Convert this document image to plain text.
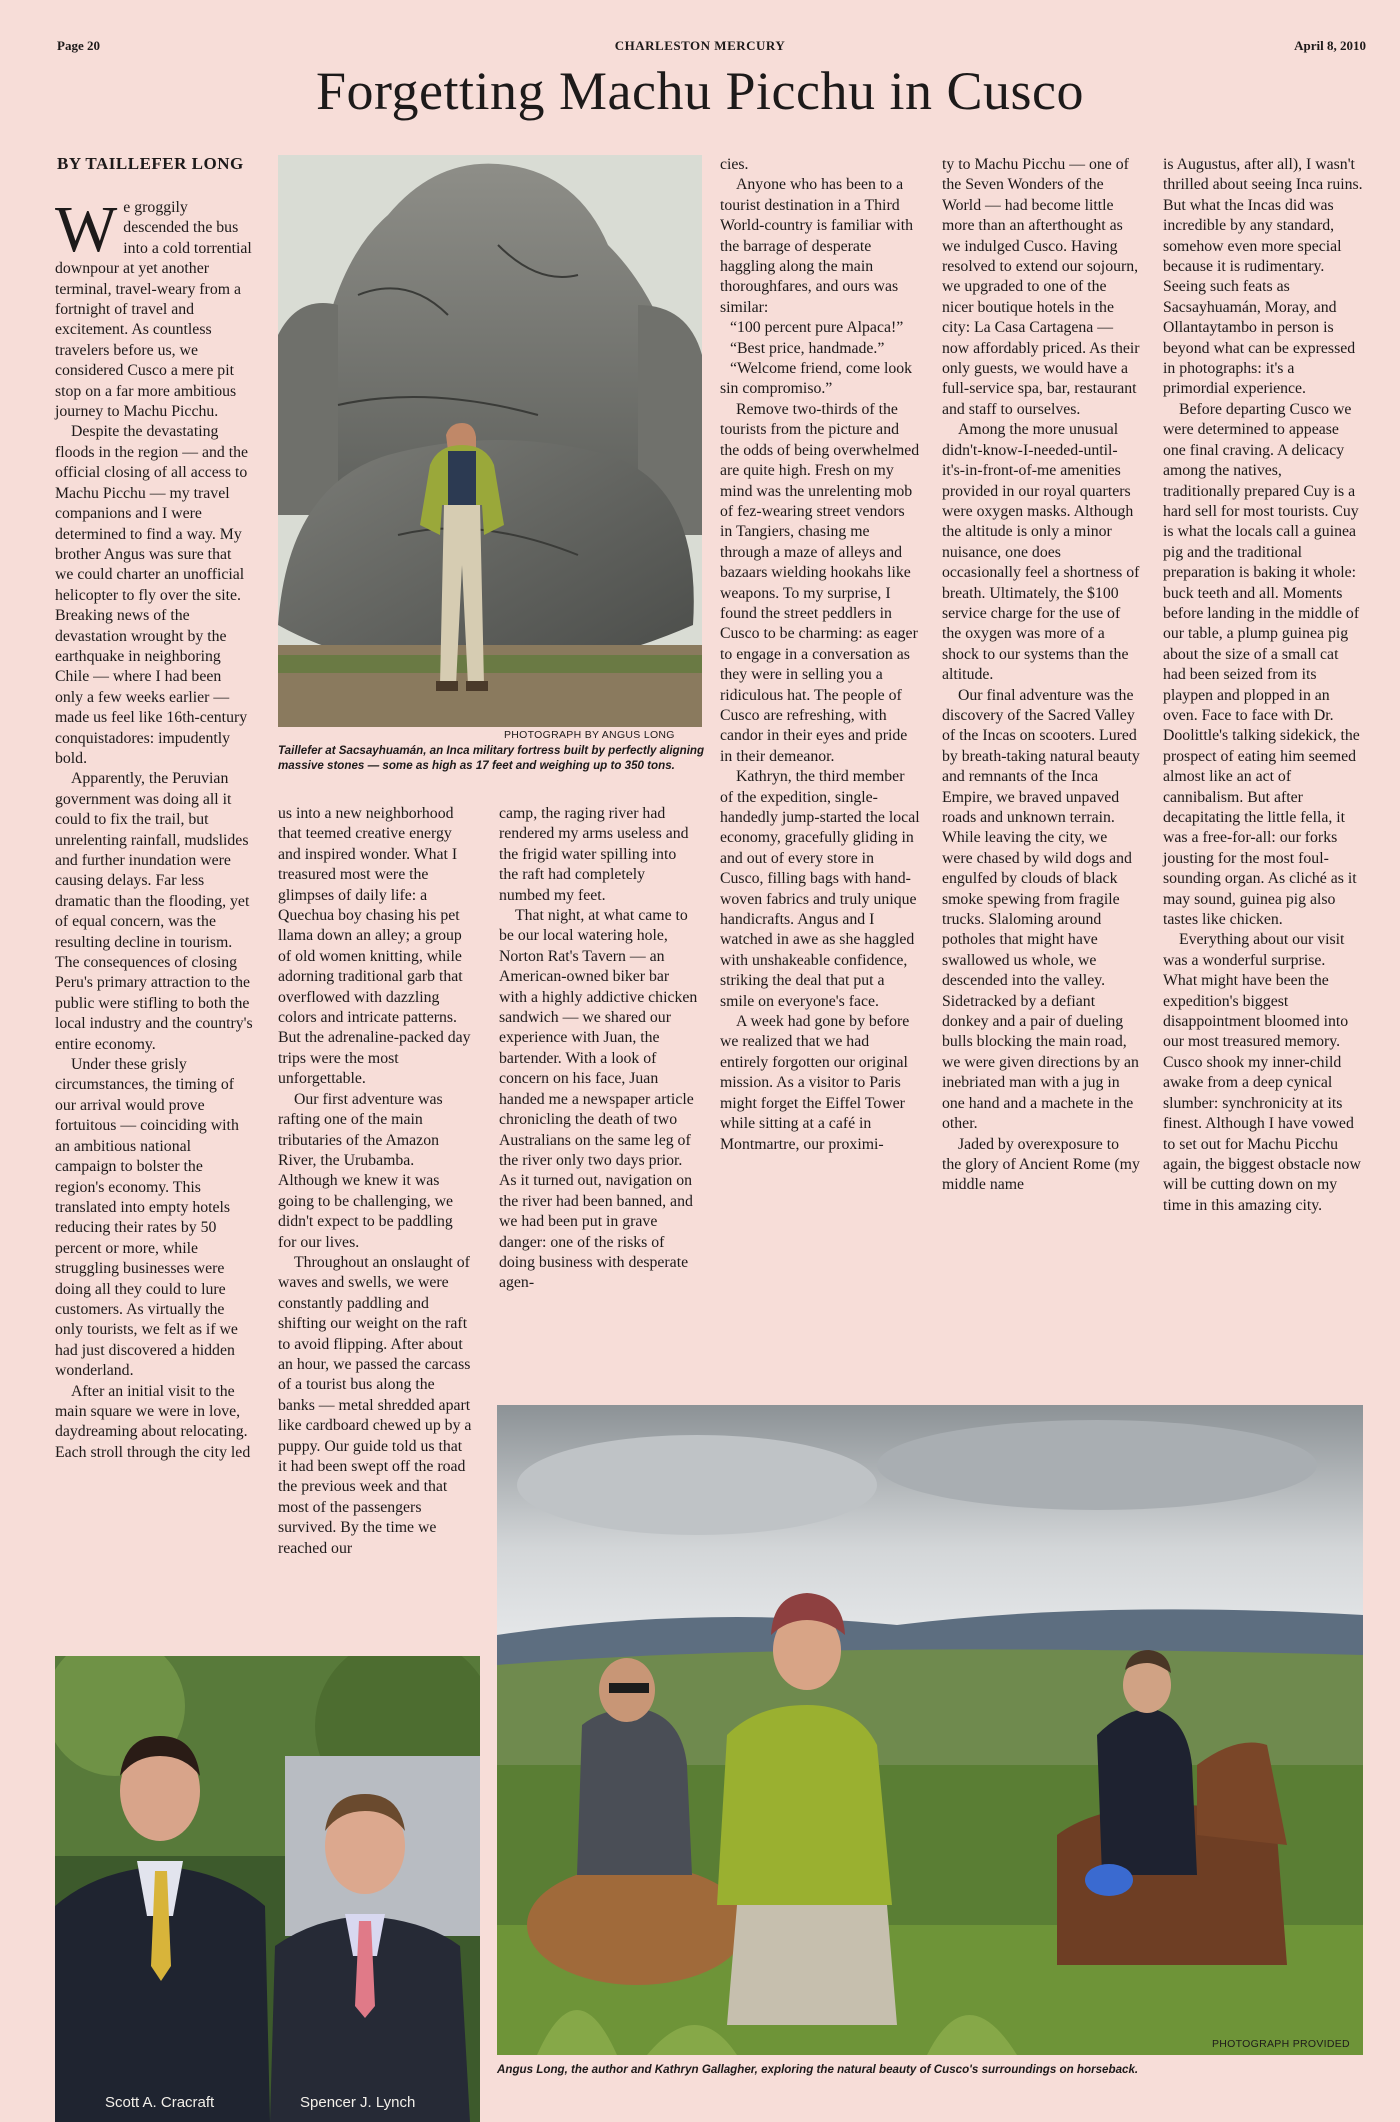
Page 20	CHARLESTON MERCURY	April 8, 2010
Forgetting Machu Picchu in Cusco
BY TAILLEFER LONG
W e groggily descended the bus into a cold torrential downpour at yet another terminal, travel-weary from a fortnight of travel and excitement. As countless travelers before us, we considered Cusco a mere pit stop on a far more ambitious journey to Machu Picchu.

Despite the devastating floods in the region — and the official closing of all access to Machu Picchu — my travel companions and I were determined to find a way. My brother Angus was sure that we could charter an unofficial helicopter to fly over the site. Breaking news of the devastation wrought by the earthquake in neighboring Chile — where I had been only a few weeks earlier — made us feel like 16th-century conquistadores: impudently bold.

Apparently, the Peruvian government was doing all it could to fix the trail, but unrelenting rainfall, mudslides and further inundation were causing delays. Far less dramatic than the flooding, yet of equal concern, was the resulting decline in tourism. The consequences of closing Peru's primary attraction to the public were stifling to both the local industry and the country's entire economy.

Under these grisly circumstances, the timing of our arrival would prove fortuitous — coinciding with an ambitious national campaign to bolster the region's economy. This translated into empty hotels reducing their rates by 50 percent or more, while struggling businesses were doing all they could to lure customers. As virtually the only tourists, we felt as if we had just discovered a hidden wonderland.

After an initial visit to the main square we were in love, daydreaming about relocating. Each stroll through the city led

PHOTOGRAPH BY ANGUS LONG
Taillefer at Sacsayhuamán, an Inca military fortress built by perfectly aligning massive stones — some as high as 17 feet and weighing up to 350 tons.

us into a new neighborhood that teemed creative energy and inspired wonder. What I treasured most were the glimpses of daily life: a Quechua boy chasing his pet llama down an alley; a group of old women knitting, while adorning traditional garb that overflowed with dazzling colors and intricate patterns. But the adrenaline-packed day trips were the most unforgettable.

Our first adventure was rafting one of the main tributaries of the Amazon River, the Urubamba. Although we knew it was going to be challenging, we didn't expect to be paddling for our lives.

Throughout an onslaught of waves and swells, we were constantly paddling and shifting our weight on the raft to avoid flipping. After about an hour, we passed the carcass of a tourist bus along the banks — metal shredded apart like cardboard chewed up by a puppy. Our guide told us that it had been swept off the road the previous week and that most of the passengers survived. By the time we reached our

camp, the raging river had rendered my arms useless and the frigid water spilling into the raft had completely numbed my feet.

That night, at what came to be our local watering hole, Norton Rat's Tavern — an American-owned biker bar with a highly addictive chicken sandwich — we shared our experience with Juan, the bartender. With a look of concern on his face, Juan handed me a newspaper article chronicling the death of two Australians on the same leg of the river only two days prior. As it turned out, navigation on the river had been banned, and we had been put in grave danger: one of the risks of doing business with desperate agen-

cies.

Anyone who has been to a tourist destination in a Third World-country is familiar with the barrage of desperate haggling along the main thoroughfares, and ours was similar:

“100 percent pure Alpaca!”

“Best price, handmade.”

“Welcome friend, come look sin compromiso.”

Remove two-thirds of the tourists from the picture and the odds of being overwhelmed are quite high. Fresh on my mind was the unrelenting mob of fez-wearing street vendors in Tangiers, chasing me through a maze of alleys and bazaars wielding hookahs like weapons. To my surprise, I found the street peddlers in Cusco to be charming: as eager to engage in a conversation as they were in selling you a ridiculous hat. The people of Cusco are refreshing, with candor in their eyes and pride in their demeanor.

Kathryn, the third member of the expedition, single-handedly jump-started the local economy, gracefully gliding in and out of every store in Cusco, filling bags with hand-woven fabrics and truly unique handicrafts. Angus and I watched in awe as she haggled with unshakeable confidence, striking the deal that put a smile on everyone's face.

A week had gone by before we realized that we had entirely forgotten our original mission. As a visitor to Paris might forget the Eiffel Tower while sitting at a café in Montmartre, our proximi-

ty to Machu Picchu — one of the Seven Wonders of the World — had become little more than an afterthought as we indulged Cusco. Having resolved to extend our sojourn, we upgraded to one of the nicer boutique hotels in the city: La Casa Cartagena — now affordably priced. As their only guests, we would have a full-service spa, bar, restaurant and staff to ourselves.

Among the more unusual didn't-know-I-needed-until-it's-in-front-of-me amenities provided in our royal quarters were oxygen masks. Although the altitude is only a minor nuisance, one does occasionally feel a shortness of breath. Ultimately, the $100 service charge for the use of the oxygen was more of a shock to our systems than the altitude.

Our final adventure was the discovery of the Sacred Valley of the Incas on scooters. Lured by breath-taking natural beauty and remnants of the Inca Empire, we braved unpaved roads and unknown terrain. While leaving the city, we were chased by wild dogs and engulfed by clouds of black smoke spewing from fragile trucks. Slaloming around potholes that might have swallowed us whole, we descended into the valley. Sidetracked by a defiant donkey and a pair of dueling bulls blocking the main road, we were given directions by an inebriated man with a jug in one hand and a machete in the other.

Jaded by overexposure to the glory of Ancient Rome (my middle name

is Augustus, after all), I wasn't thrilled about seeing Inca ruins. But what the Incas did was incredible by any standard, somehow even more special because it is rudimentary. Seeing such feats as Sacsayhuamán, Moray, and Ollantaytambo in person is beyond what can be expressed in photographs: it's a primordial experience.

Before departing Cusco we were determined to appease one final craving. A delicacy among the natives, traditionally prepared Cuy is a hard sell for most tourists. Cuy is what the locals call a guinea pig and the traditional preparation is baking it whole: buck teeth and all. Moments before landing in the middle of our table, a plump guinea pig about the size of a small cat had been seized from its playpen and plopped in an oven. Face to face with Dr. Doolittle's talking sidekick, the prospect of eating him seemed almost like an act of cannibalism. But after decapitating the little fella, it was a free-for-all: our forks jousting for the most foul-sounding organ. As cliché as it may sound, guinea pig also tastes like chicken.

Everything about our visit was a wonderful surprise. What might have been the expedition's biggest disappointment bloomed into our most treasured memory. Cusco shook my inner-child awake from a deep cynical slumber: synchronicity at its finest. Although I have vowed to set out for Machu Picchu again, the biggest obstacle now will be cutting down on my time in this amazing city.

Scott A. Cracraft	Spencer J. Lynch
Angus Long, the author and Kathryn Gallagher, exploring the natural beauty of Cusco's surroundings on horseback.
PHOTOGRAPH PROVIDED
